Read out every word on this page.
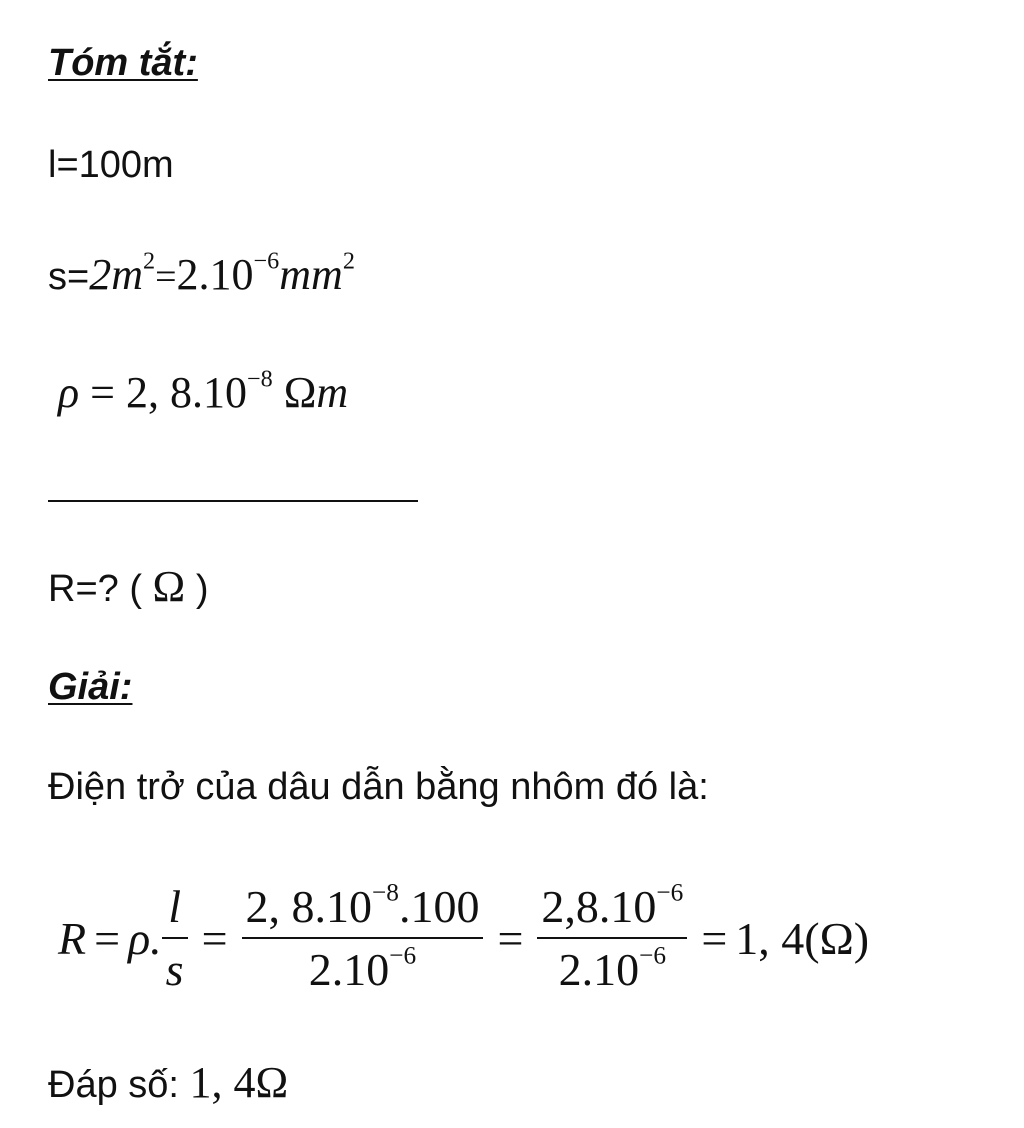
Tóm tắt:
l=100m
$s=2m^2=2.10^{-6}mm^2$
ρ = 2, $8.10^{-8}$ Ωm
R=? ( Ω )
Giải:
Điện trở của dâu dẫn bằng nhôm đó là:
R = ρ. $\frac{l}{s} = \frac{2, 8.10^{-8}.100}{2.10^{-6}} = \frac{2,8.10^{-6}}{2.10^{-6}} = 1$, 4(Ω)
Đáp số: 1, 4Ω
